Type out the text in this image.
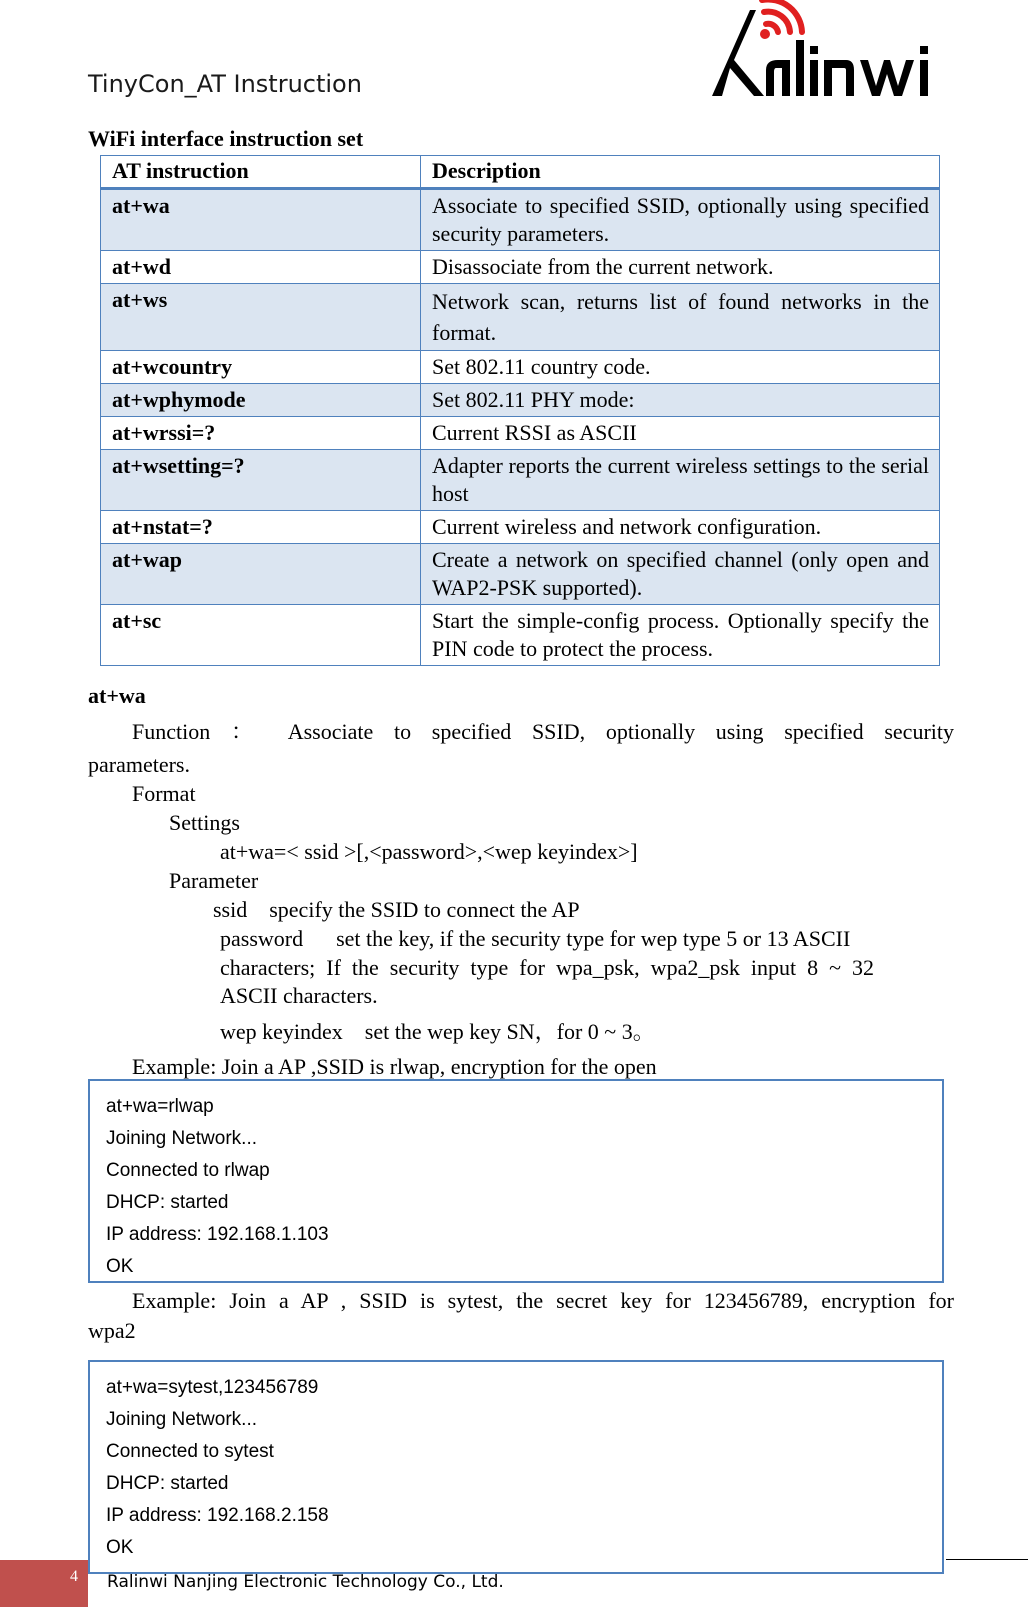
TinyCon_AT Instruction
WiFi interface instruction set
AT instruction	Description
at+wa	Associate to specified SSID, optionally using specified security parameters.
at+wd	Disassociate from the current network.
at+ws	Network scan, returns list of found networks in the format.
at+wcountry	Set 802.11 country code.
at+wphymode	Set 802.11 PHY mode:
at+wrssi=?	Current RSSI as ASCII
at+wsetting=?	Adapter reports the current wireless settings to the serial host
at+nstat=?	Current wireless and network configuration.
at+wap	Create a network on specified channel (only open and WAP2-PSK supported).
at+sc	Start the simple-config process. Optionally specify the PIN code to protect the process.
at+wa
Function ： Associate to specified SSID, optionally using specified security
parameters.
Format
Settings
at+wa=< ssid >[,<password>,<wep keyindex>]
Parameter
ssid    specify the SSID to connect the AP
password      set the key, if the security type for wep type 5 or 13 ASCII
characters;  If  the  security  type  for  wpa_psk,  wpa2_psk  input  8  ~  32
ASCII characters.
wep keyindex    set the wep key SN，for 0 ~ 3。
Example: Join a AP ,SSID is rlwap, encryption for the open
at+wa=rlwap
Joining Network...
Connected to rlwap
DHCP: started
IP address: 192.168.1.103
OK
Example: Join a AP , SSID is sytest, the secret key for 123456789, encryption for
wpa2
at+wa=sytest,123456789
Joining Network...
Connected to sytest
DHCP: started
IP address: 192.168.2.158
OK
4 Ralinwi Nanjing Electronic Technology Co., Ltd.
